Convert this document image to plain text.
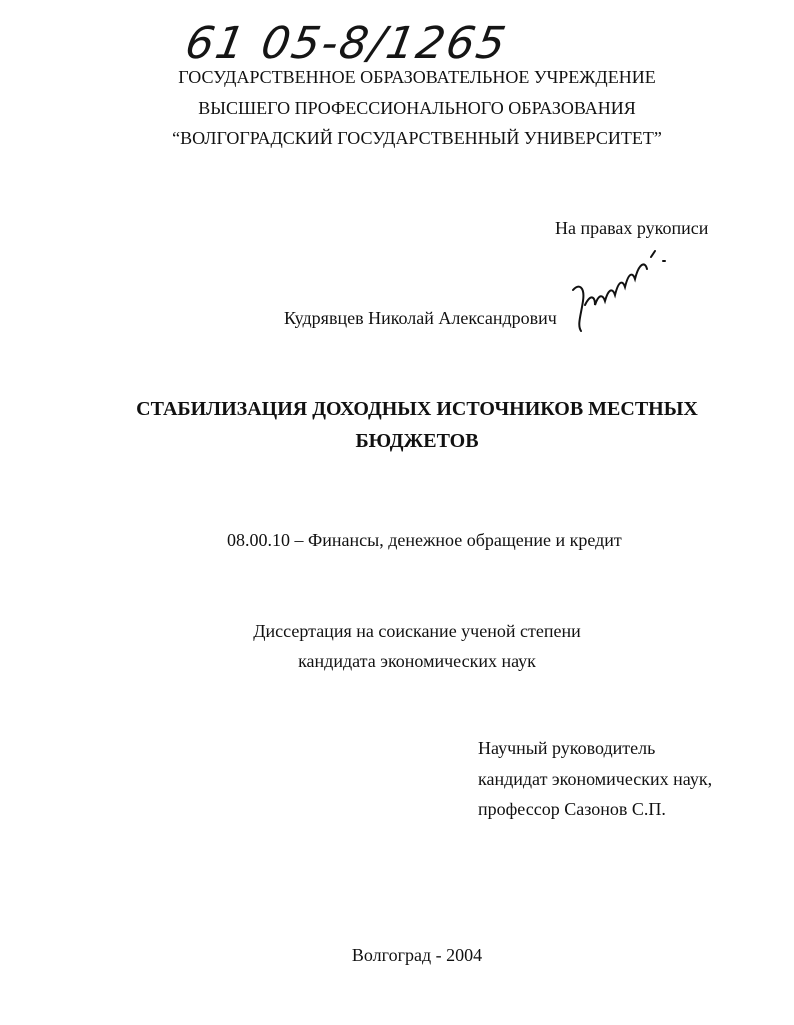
61 05-8/1265
ГОСУДАРСТВЕННОЕ ОБРАЗОВАТЕЛЬНОЕ УЧРЕЖДЕНИЕ
ВЫСШЕГО ПРОФЕССИОНАЛЬНОГО ОБРАЗОВАНИЯ
“ВОЛГОГРАДСКИЙ ГОСУДАРСТВЕННЫЙ УНИВЕРСИТЕТ”
На правах рукописи
Кудрявцев Николай Александрович
СТАБИЛИЗАЦИЯ ДОХОДНЫХ ИСТОЧНИКОВ МЕСТНЫХ
БЮДЖЕТОВ
08.00.10 – Финансы, денежное обращение и кредит
Диссертация на соискание ученой степени
кандидата экономических наук
Научный руководитель
кандидат экономических наук,
профессор Сазонов С.П.
Волгоград - 2004
